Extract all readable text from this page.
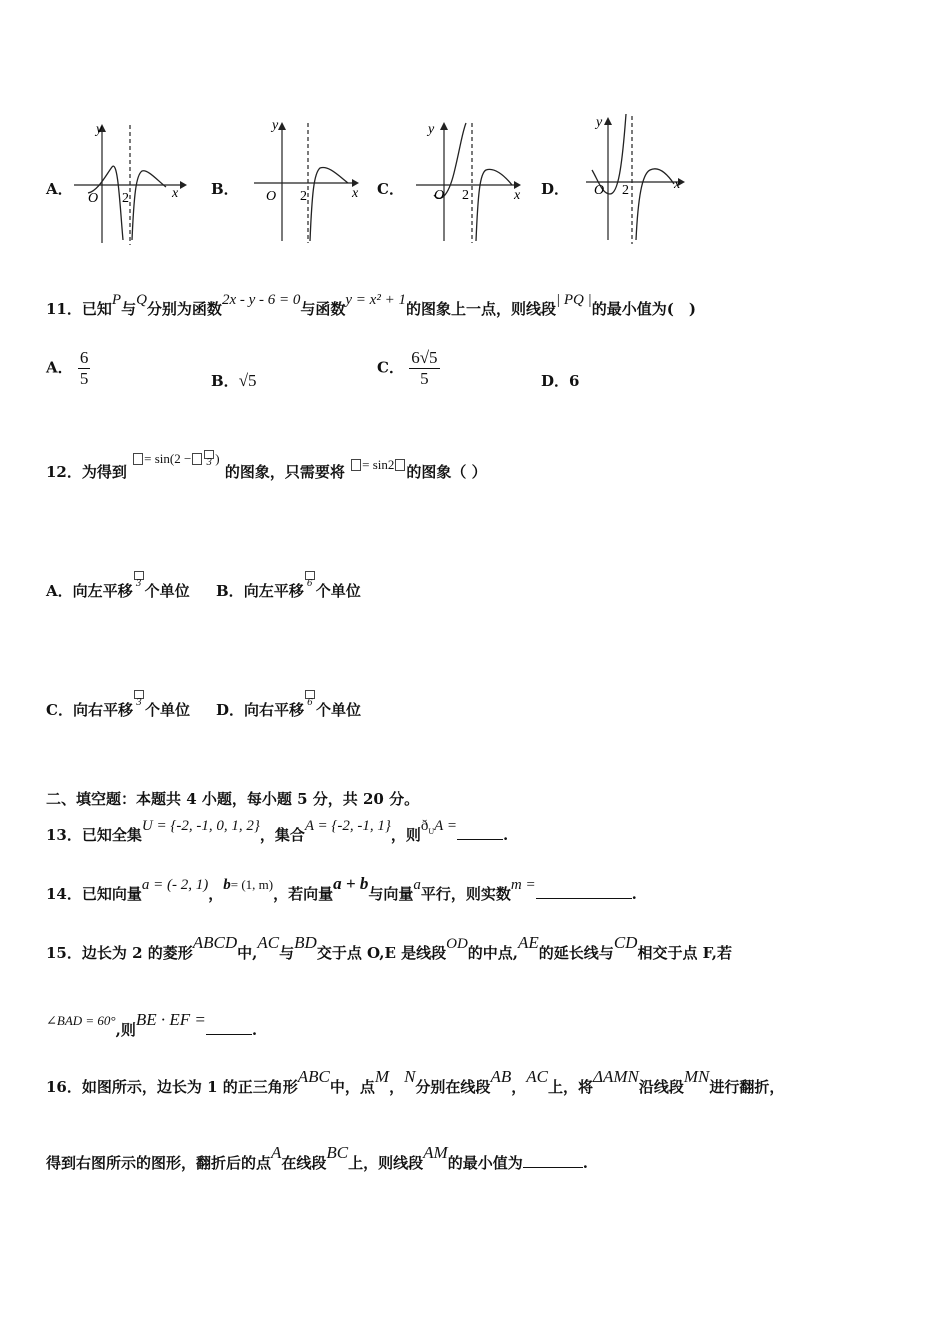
A．
y
x
O 2
B．
y
x
O 2	C．
y
x
O 2	D．
y
x
O 2
11．已知P与Q分别为函数2x - y - 6 = 0与函数y = x² + 1的图象上一点，则线段| PQ |的最小值为(　)
A． $\frac{6}{5}$	B．√5
C． $\frac{6√5}{5}$	D．6
12．为得到 = sin(2 − 3 ) 的图象，只需要将 = sin2 的图象（ ）
A．向左平移 3 个单位 B．向左平移 6 个单位
C．向右平移 3 个单位 D．向右平移 6 个单位
二、填空题：本题共 4 小题，每小题 5 分，共 20 分。
13．已知全集U = {-2, -1, 0, 1, 2}，集合A = {-2, -1, 1}，则$ð_UA$ =	.
14．已知向量a = (- 2, 1)，b= (1, m)，若向量a + b与向量a平行，则实数m =	.
15．边长为 2 的菱形ABCD中,AC与BD交于点 O,E 是线段OD的中点,AE的延长线与CD相交于点 F,若
∠BAD = 60°,则BE · EF =.
16．如图所示，边长为 1 的正三角形ABC中，点M，N分别在线段AB，AC上，将ΔAMN沿线段MN进行翻折，
得到右图所示的图形，翻折后的点A在线段BC上，则线段AM的最小值为	.
